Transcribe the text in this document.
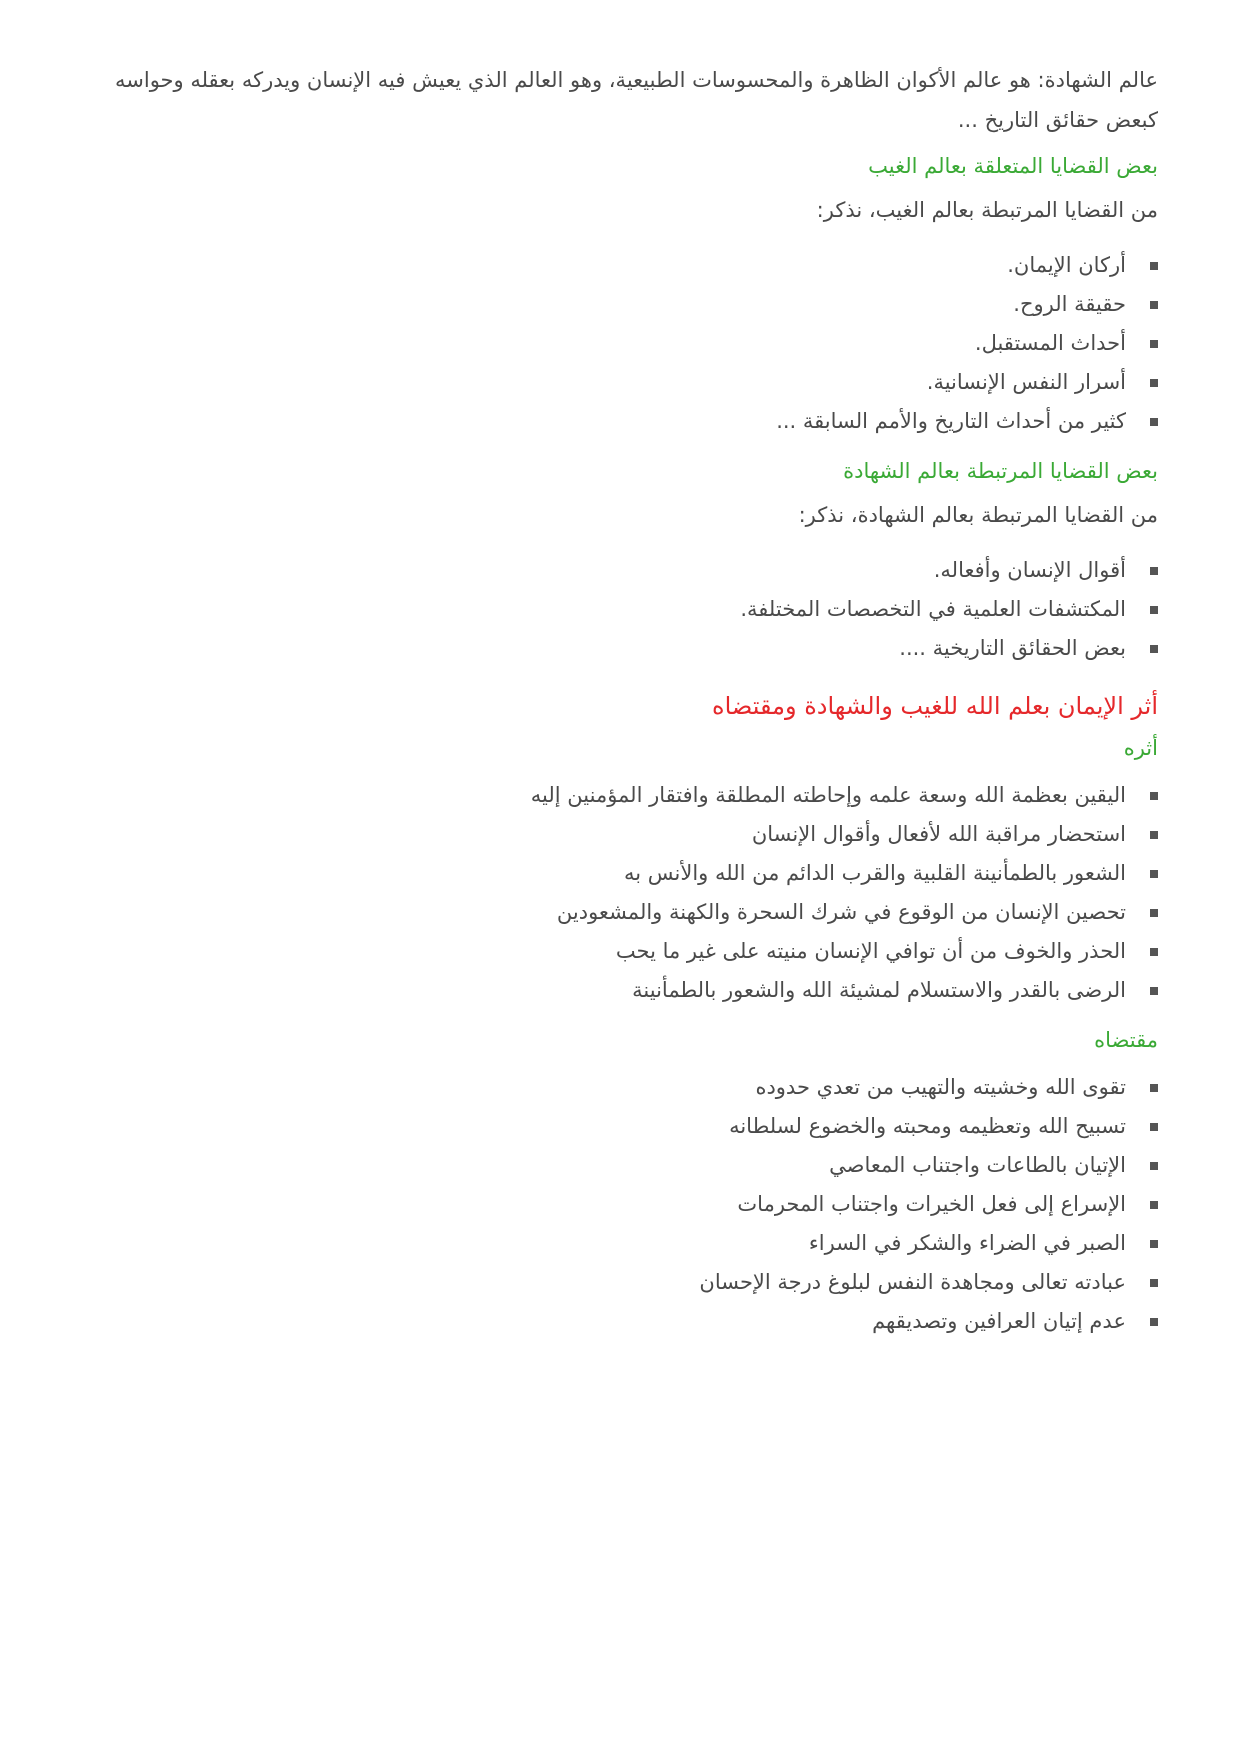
عالم الشهادة: هو عالم الأكوان الظاهرة والمحسوسات الطبيعية، وهو العالم الذي يعيش فيه الإنسان ويدركه بعقله وحواسه كبعض حقائق التاريخ ...

بعض القضايا المتعلقة بعالم الغيب

من القضايا المرتبطة بعالم الغيب، نذكر:

أركان الإيمان.
حقيقة الروح.
أحداث المستقبل.
أسرار النفس الإنسانية.
كثير من أحداث التاريخ والأمم السابقة ...
بعض القضايا المرتبطة بعالم الشهادة

من القضايا المرتبطة بعالم الشهادة، نذكر:

أقوال الإنسان وأفعاله.
المكتشفات العلمية في التخصصات المختلفة.
بعض الحقائق التاريخية ....
أثر الإيمان بعلم الله للغيب والشهادة ومقتضاه
أثره
اليقين بعظمة الله وسعة علمه وإحاطته المطلقة وافتقار المؤمنين إليه
استحضار مراقبة الله لأفعال وأقوال الإنسان
الشعور بالطمأنينة القلبية والقرب الدائم من الله والأنس به
تحصين الإنسان من الوقوع في شرك السحرة والكهنة والمشعودين
الحذر والخوف من أن توافي الإنسان منيته على غير ما يحب
الرضى بالقدر والاستسلام لمشيئة الله والشعور بالطمأنينة
مقتضاه
تقوى الله وخشيته والتهيب من تعدي حدوده
تسبيح الله وتعظيمه ومحبته والخضوع لسلطانه
الإتيان بالطاعات واجتناب المعاصي
الإسراع إلى فعل الخيرات واجتناب المحرمات
الصبر في الضراء والشكر في السراء
عبادته تعالى ومجاهدة النفس لبلوغ درجة الإحسان
عدم إتيان العرافين وتصديقهم
